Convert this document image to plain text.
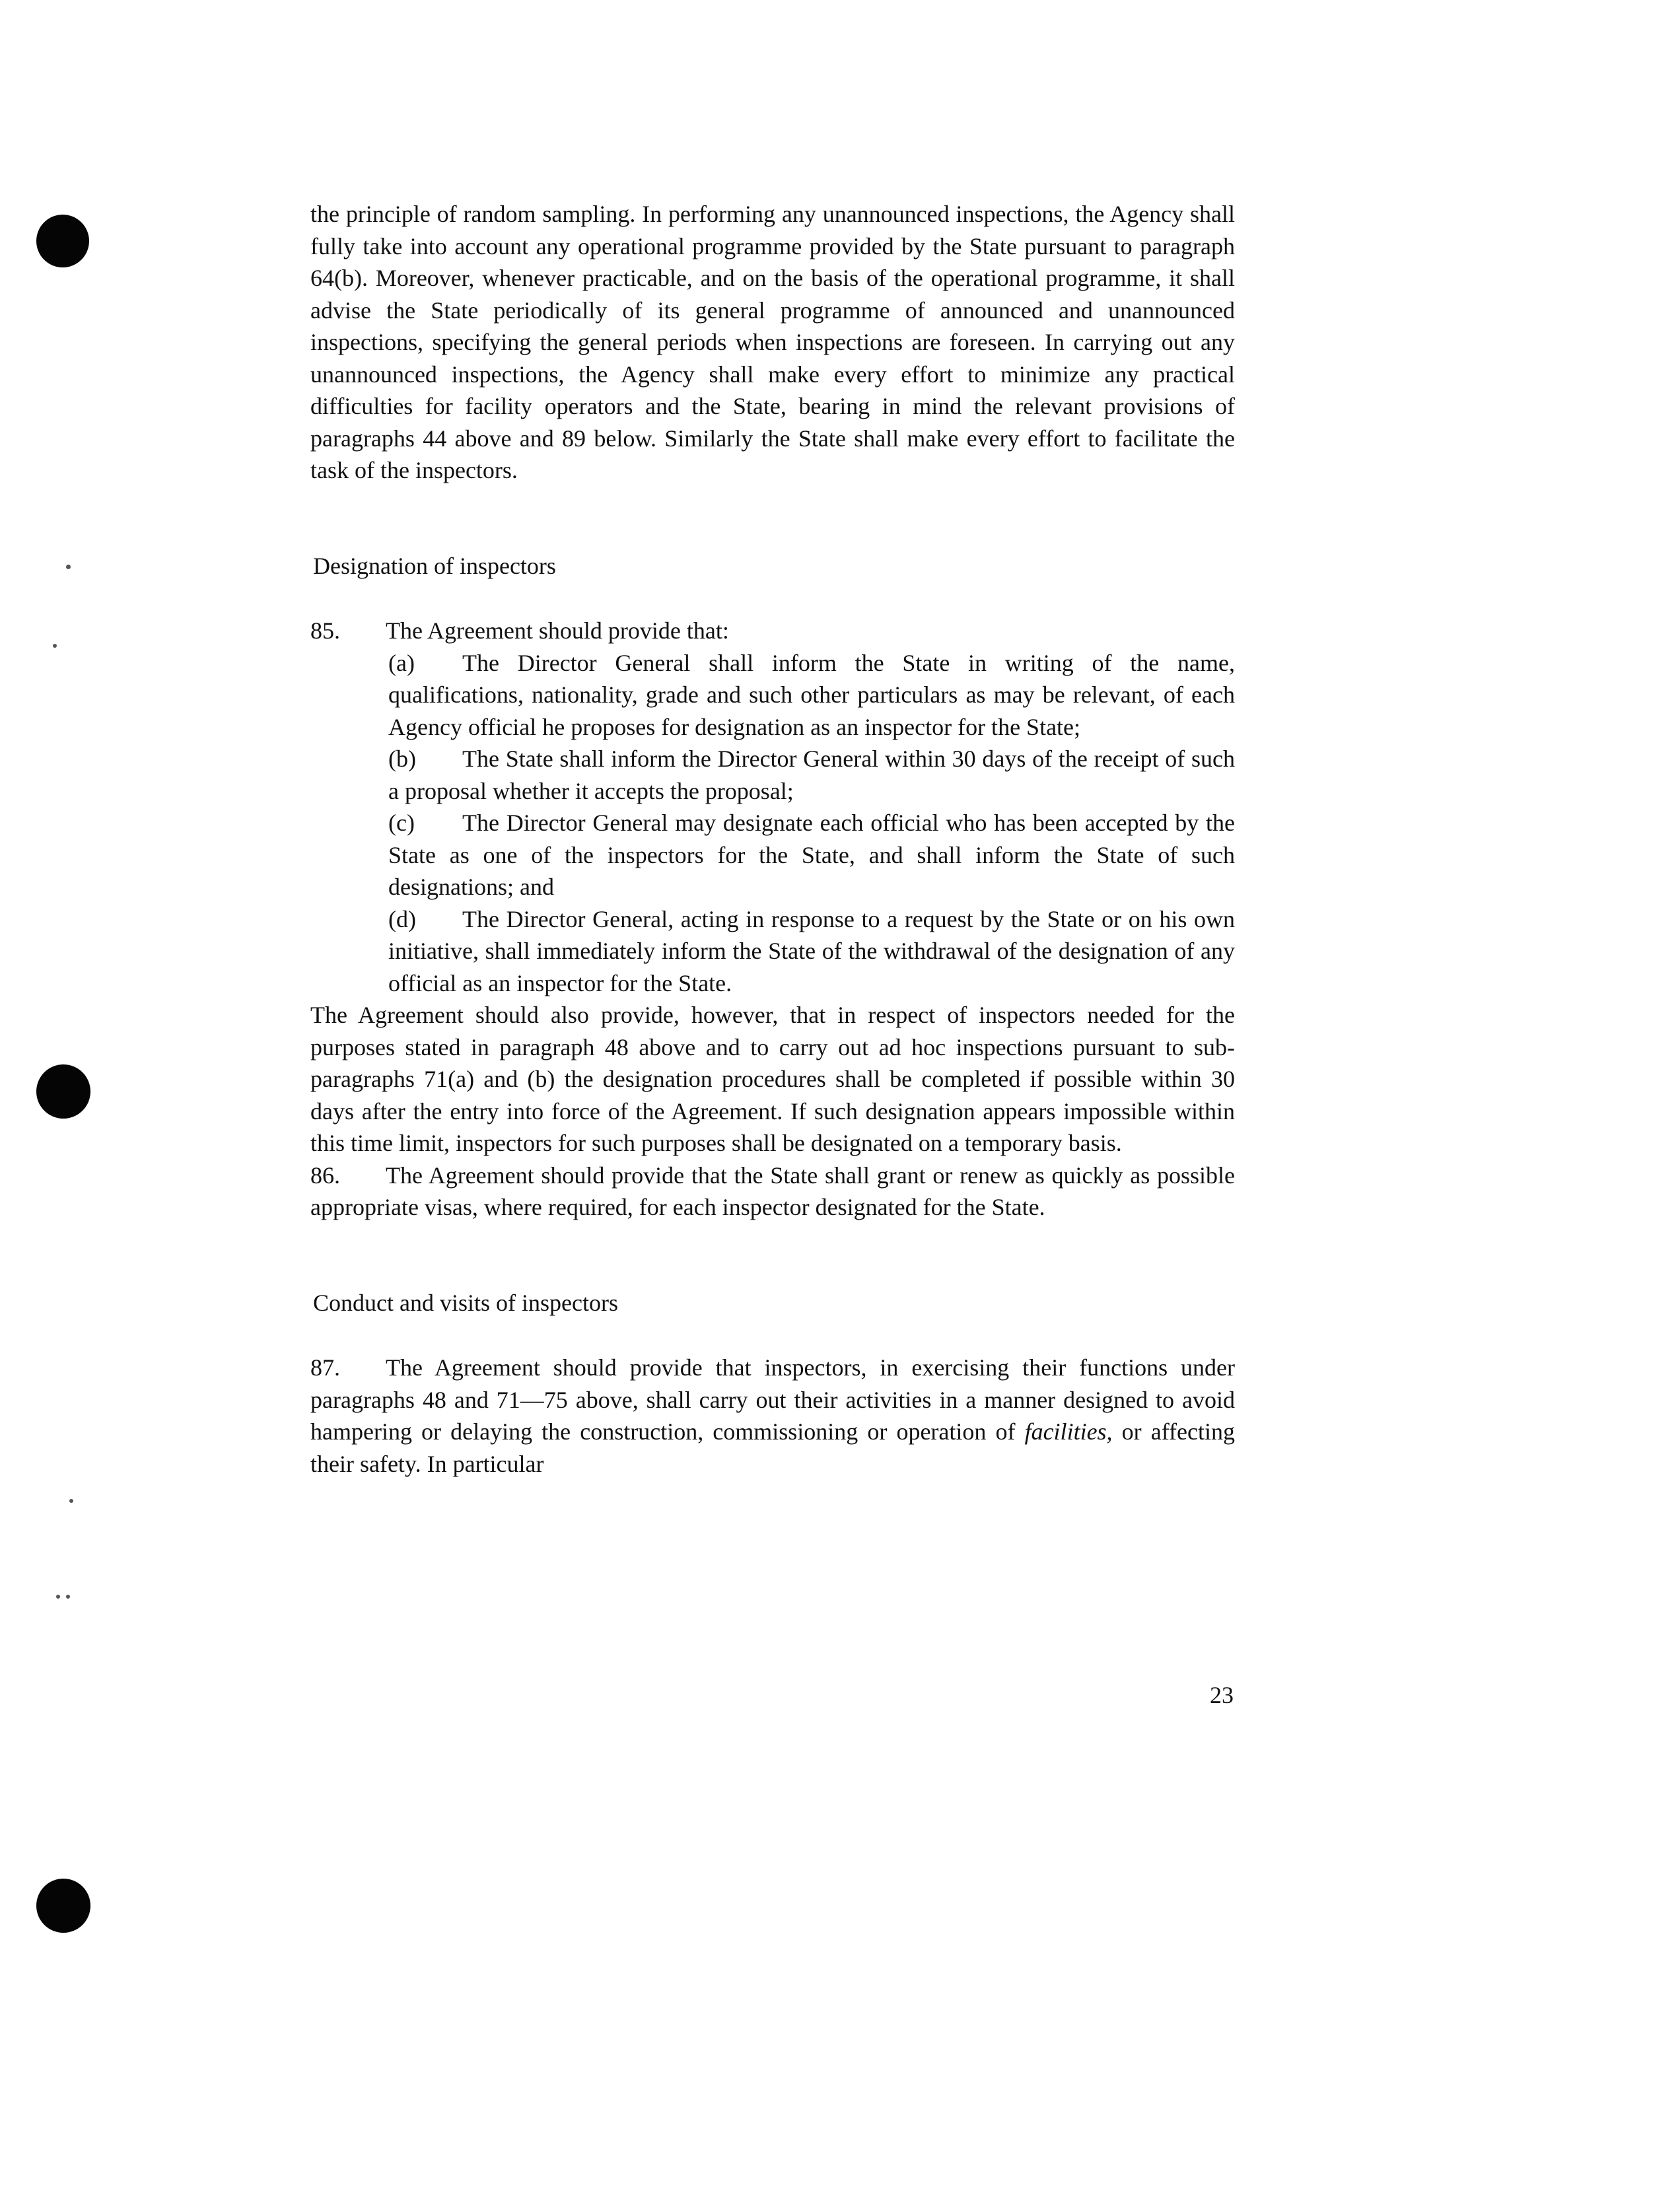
the principle of random sampling. In performing any unannounced inspections, the Agency shall fully take into account any operational programme provided by the State pursuant to paragraph 64(b). Moreover, whenever practicable, and on the basis of the operational programme, it shall advise the State periodically of its general programme of announced and unannounced inspections, specifying the general periods when inspections are foreseen. In carrying out any unannounced inspections, the Agency shall make every effort to minimize any practical difficulties for facility operators and the State, bearing in mind the relevant provisions of paragraphs 44 above and 89 below. Similarly the State shall make every effort to facilitate the task of the inspectors.

Designation of inspectors

85. The Agreement should provide that:

(a) The Director General shall inform the State in writing of the name, qualifications, nationality, grade and such other particulars as may be relevant, of each Agency official he proposes for designation as an inspector for the State;

(b) The State shall inform the Director General within 30 days of the receipt of such a proposal whether it accepts the proposal;

(c) The Director General may designate each official who has been accepted by the State as one of the inspectors for the State, and shall inform the State of such designations; and

(d) The Director General, acting in response to a request by the State or on his own initiative, shall immediately inform the State of the withdrawal of the designation of any official as an inspector for the State.

The Agreement should also provide, however, that in respect of inspectors needed for the purposes stated in paragraph 48 above and to carry out ad hoc inspections pursuant to sub-paragraphs 71(a) and (b) the designation procedures shall be completed if possible within 30 days after the entry into force of the Agreement. If such designation appears impossible within this time limit, inspectors for such purposes shall be designated on a temporary basis.

86. The Agreement should provide that the State shall grant or renew as quickly as possible appropriate visas, where required, for each inspector designated for the State.

Conduct and visits of inspectors

87. The Agreement should provide that inspectors, in exercising their functions under paragraphs 48 and 71—75 above, shall carry out their activities in a manner designed to avoid hampering or delaying the construction, commissioning or operation of facilities, or affecting their safety. In particular

23
